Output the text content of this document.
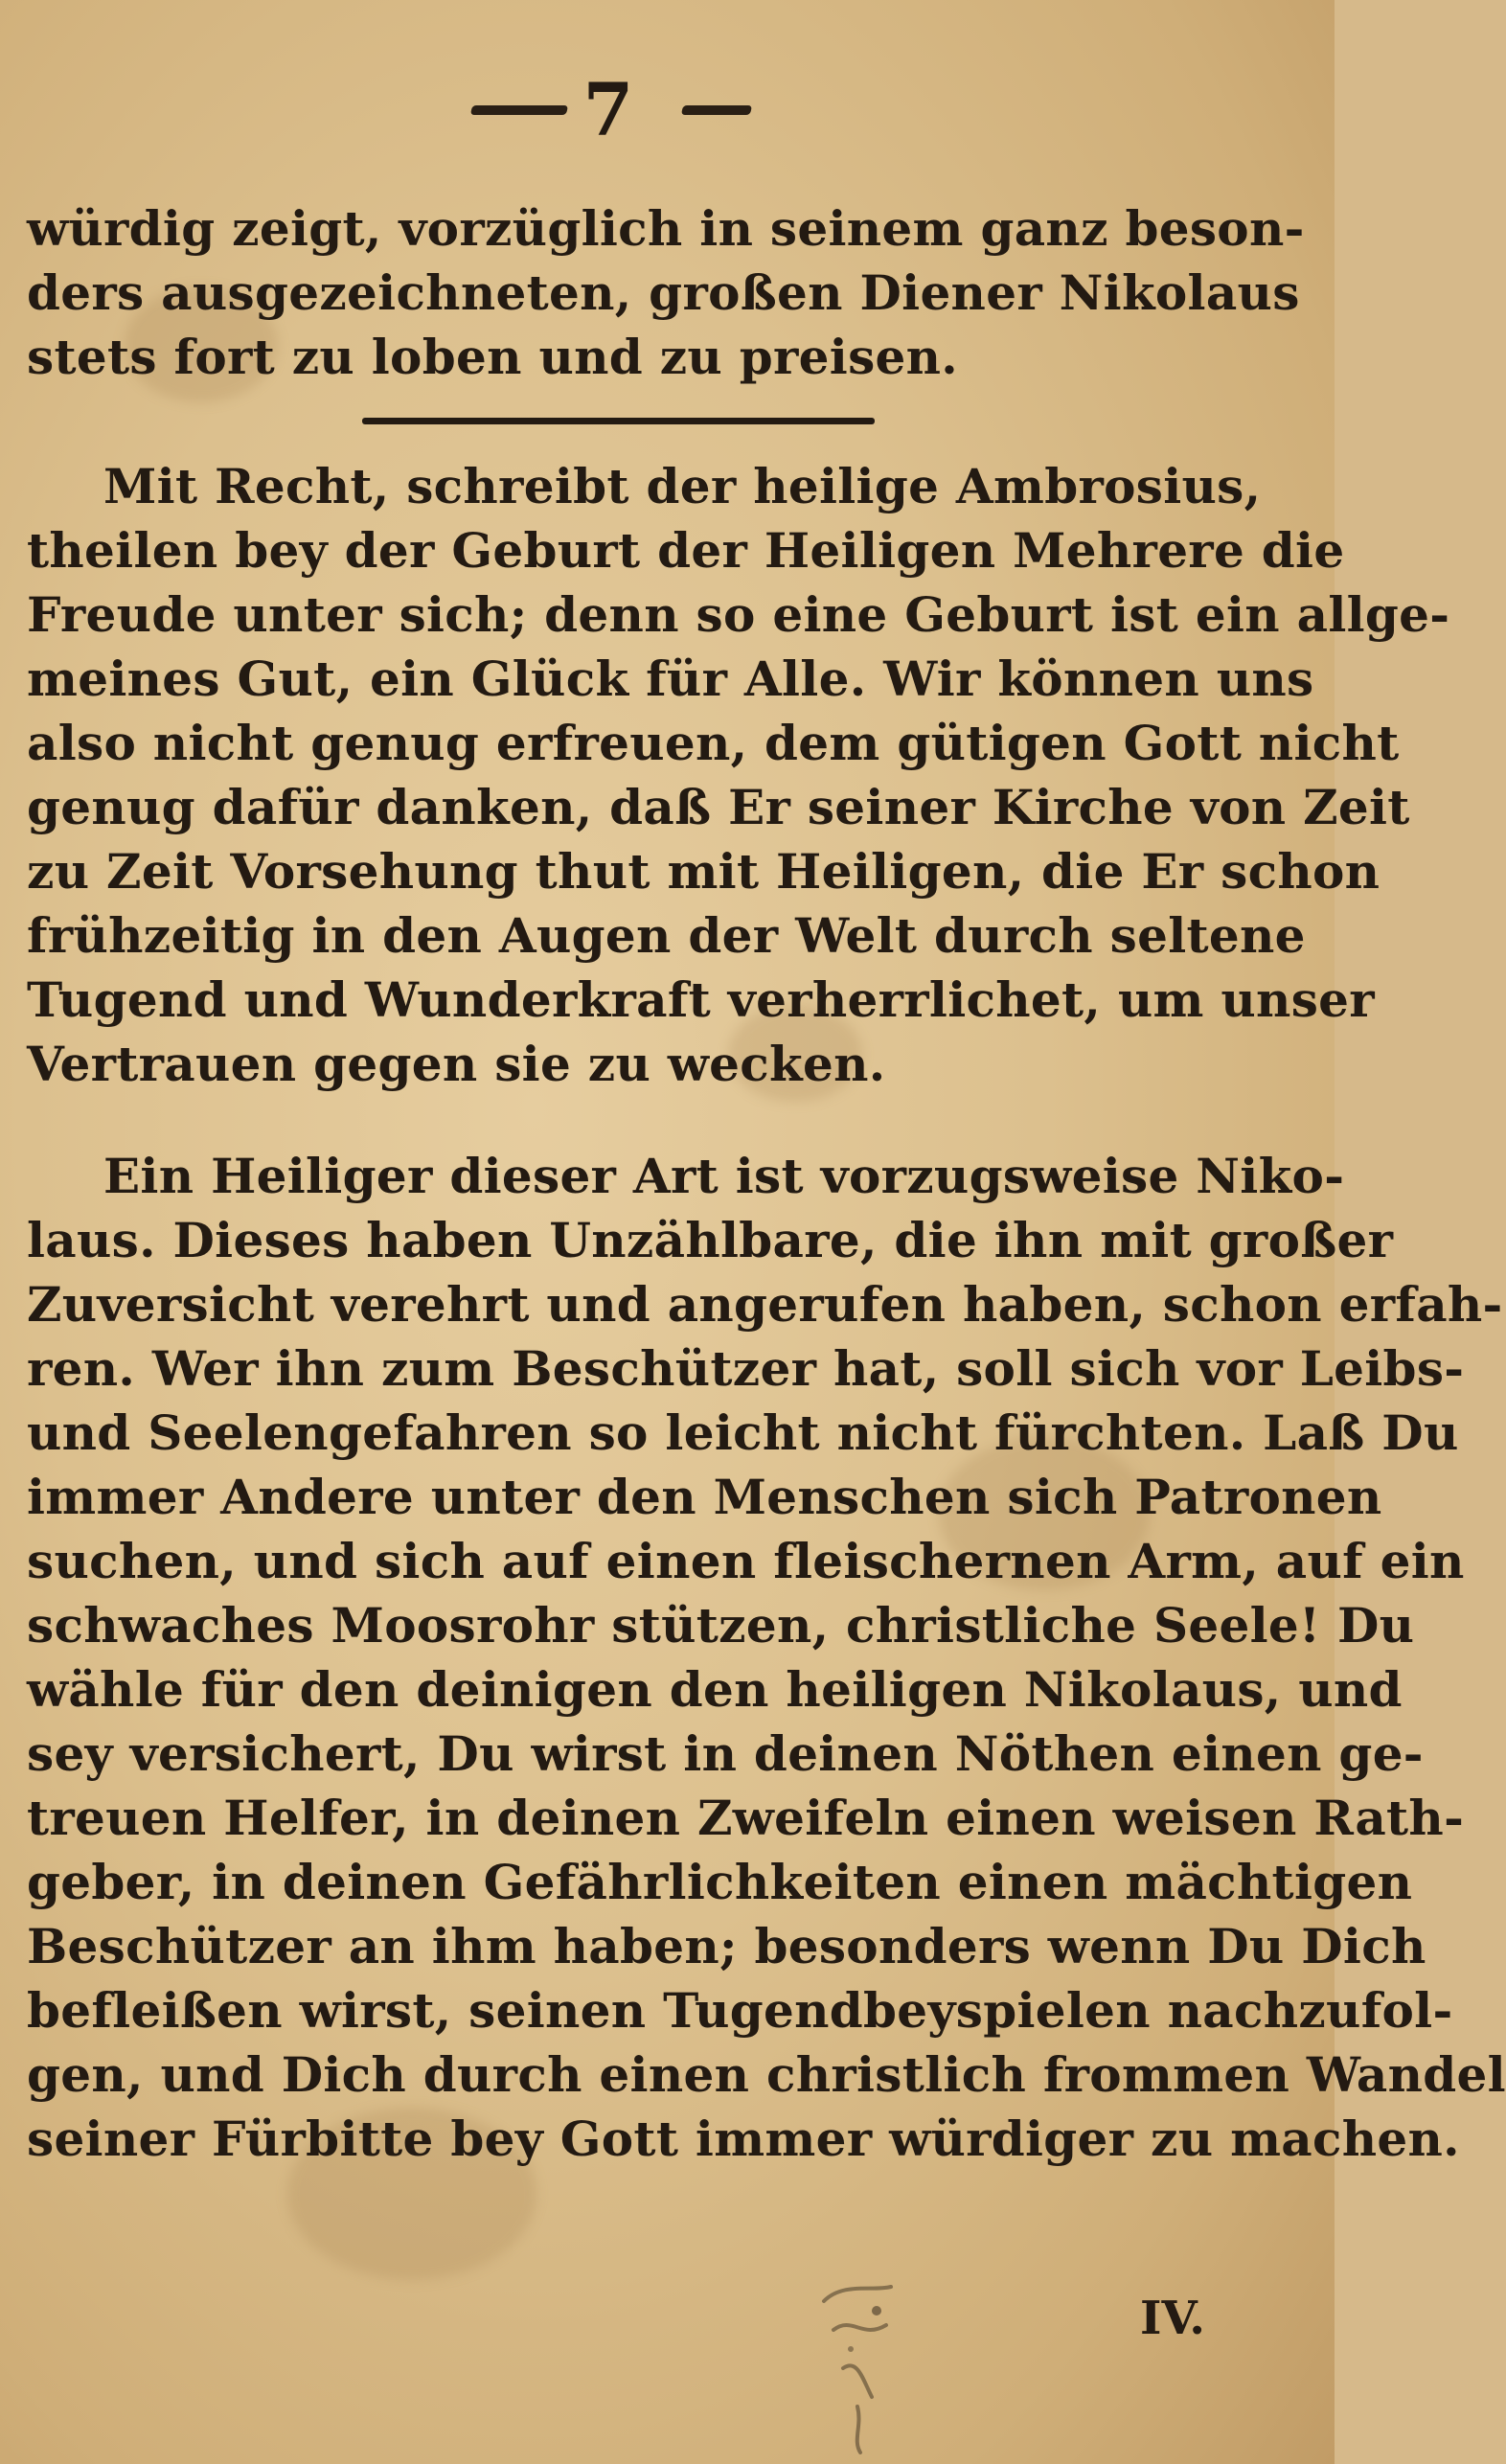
7
würdig zeigt, vorzüglich in seinem ganz beson-
ders ausgezeichneten, großen Diener Nikolaus
stets fort zu loben und zu preisen.
Mit Recht, schreibt der heilige Ambrosius,
theilen bey der Geburt der Heiligen Mehrere die
Freude unter sich; denn so eine Geburt ist ein allge-
meines Gut, ein Glück für Alle. Wir können uns
also nicht genug erfreuen, dem gütigen Gott nicht
genug dafür danken, daß Er seiner Kirche von Zeit
zu Zeit Vorsehung thut mit Heiligen, die Er schon
frühzeitig in den Augen der Welt durch seltene
Tugend und Wunderkraft verherrlichet, um unser
Vertrauen gegen sie zu wecken.
Ein Heiliger dieser Art ist vorzugsweise Niko-
laus. Dieses haben Unzählbare, die ihn mit großer
Zuversicht verehrt und angerufen haben, schon erfah-
ren. Wer ihn zum Beschützer hat, soll sich vor Leibs-
und Seelengefahren so leicht nicht fürchten. Laß Du
immer Andere unter den Menschen sich Patronen
suchen, und sich auf einen fleischernen Arm, auf ein
schwaches Moosrohr stützen, christliche Seele! Du
wähle für den deinigen den heiligen Nikolaus, und
sey versichert, Du wirst in deinen Nöthen einen ge-
treuen Helfer, in deinen Zweifeln einen weisen Rath-
geber, in deinen Gefährlichkeiten einen mächtigen
Beschützer an ihm haben; besonders wenn Du Dich
befleißen wirst, seinen Tugendbeyspielen nachzufol-
gen, und Dich durch einen christlich frommen Wandel
seiner Fürbitte bey Gott immer würdiger zu machen.
IV.
